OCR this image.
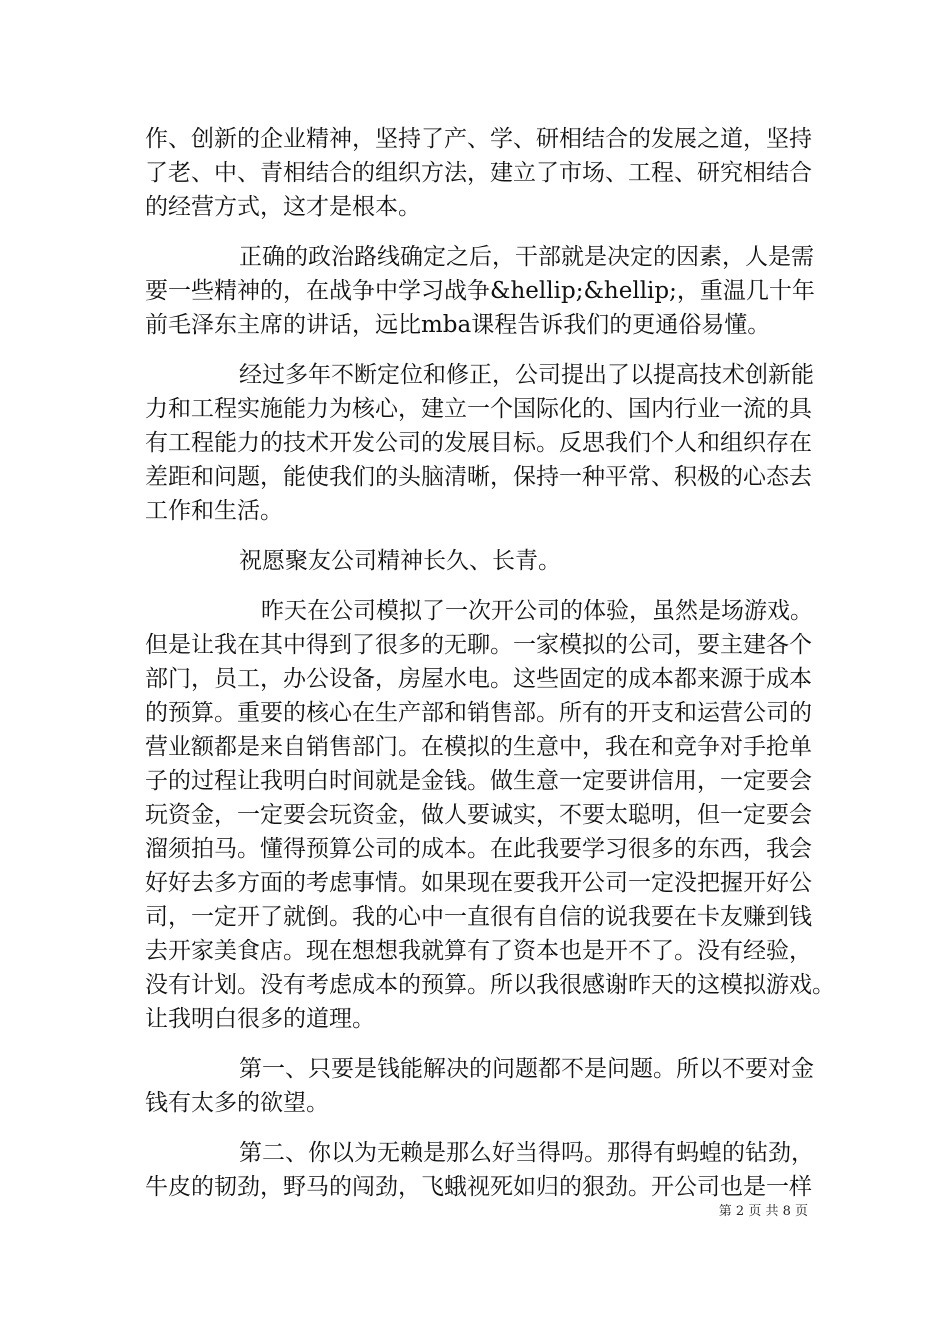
作、创新的企业精神，坚持了产、学、研相结合的发展之道，坚持
了老、中、青相结合的组织方法，建立了市场、工程、研究相结合
的经营方式，这才是根本。
正确的政治路线确定之后，干部就是决定的因素，人是需
要一些精神的，在战争中学习战争&hellip;&hellip;，重温几十年
前毛泽东主席的讲话，远比mba课程告诉我们的更通俗易懂。
经过多年不断定位和修正，公司提出了以提高技术创新能
力和工程实施能力为核心，建立一个国际化的、国内行业一流的具
有工程能力的技术开发公司的发展目标。反思我们个人和组织存在
差距和问题，能使我们的头脑清晰，保持一种平常、积极的心态去
工作和生活。
祝愿聚友公司精神长久、长青。
昨天在公司模拟了一次开公司的体验，虽然是场游戏。
但是让我在其中得到了很多的无聊。一家模拟的公司，要主建各个
部门，员工，办公设备，房屋水电。这些固定的成本都来源于成本
的预算。重要的核心在生产部和销售部。所有的开支和运营公司的
营业额都是来自销售部门。在模拟的生意中，我在和竞争对手抢单
子的过程让我明白时间就是金钱。做生意一定要讲信用，一定要会
玩资金，一定要会玩资金，做人要诚实，不要太聪明，但一定要会
溜须拍马。懂得预算公司的成本。在此我要学习很多的东西，我会
好好去多方面的考虑事情。如果现在要我开公司一定没把握开好公
司，一定开了就倒。我的心中一直很有自信的说我要在卡友赚到钱
去开家美食店。现在想想我就算有了资本也是开不了。没有经验，
没有计划。没有考虑成本的预算。所以我很感谢昨天的这模拟游戏。
让我明白很多的道理。
第一、只要是钱能解决的问题都不是问题。所以不要对金
钱有太多的欲望。
第二、你以为无赖是那么好当得吗。那得有蚂蝗的钻劲，
牛皮的韧劲，野马的闯劲，飞蛾视死如归的狠劲。开公司也是一样
第 2 页 共 8 页
